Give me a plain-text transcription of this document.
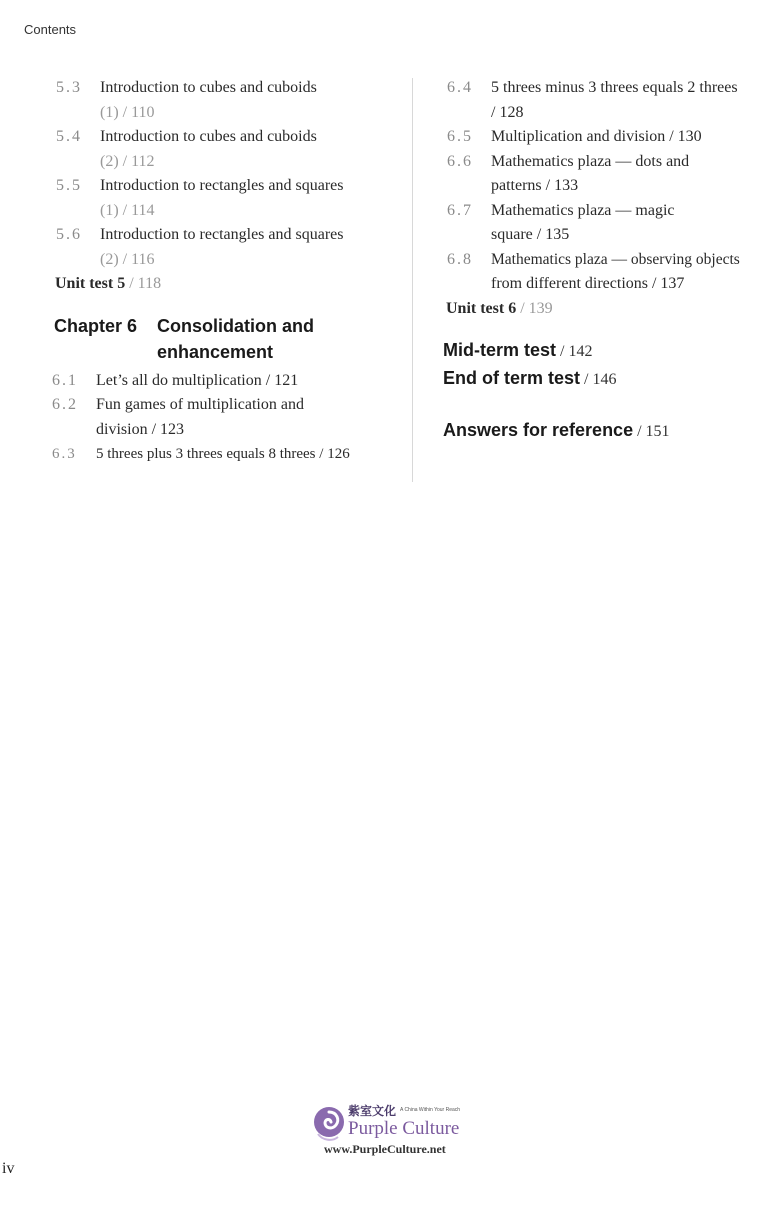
Contents
5.3 Introduction to cubes and cuboids
(1) / 110
5.4 Introduction to cubes and cuboids
(2) / 112
5.5 Introduction to rectangles and squares
(1) / 114
5.6 Introduction to rectangles and squares
(2) / 116
Unit test 5 / 118
Chapter 6 Consolidation and
enhancement
6.1 Let’s all do multiplication / 121
6.2 Fun games of multiplication and
division / 123
6.3 5 threes plus 3 threes equals 8 threes / 126
6.4 5 threes minus 3 threes equals 2 threes
/ 128
6.5 Multiplication and division / 130
6.6 Mathematics plaza — dots and
patterns / 133
6.7 Mathematics plaza — magic
square / 135
6.8 Mathematics plaza — observing objects
from different directions / 137
Unit test 6 / 139
Mid-term test / 142
End of term test / 146
Answers for reference / 151
紫室文化 A China Within Your Reach
Purple Culture
www.PurpleCulture.net
iv
